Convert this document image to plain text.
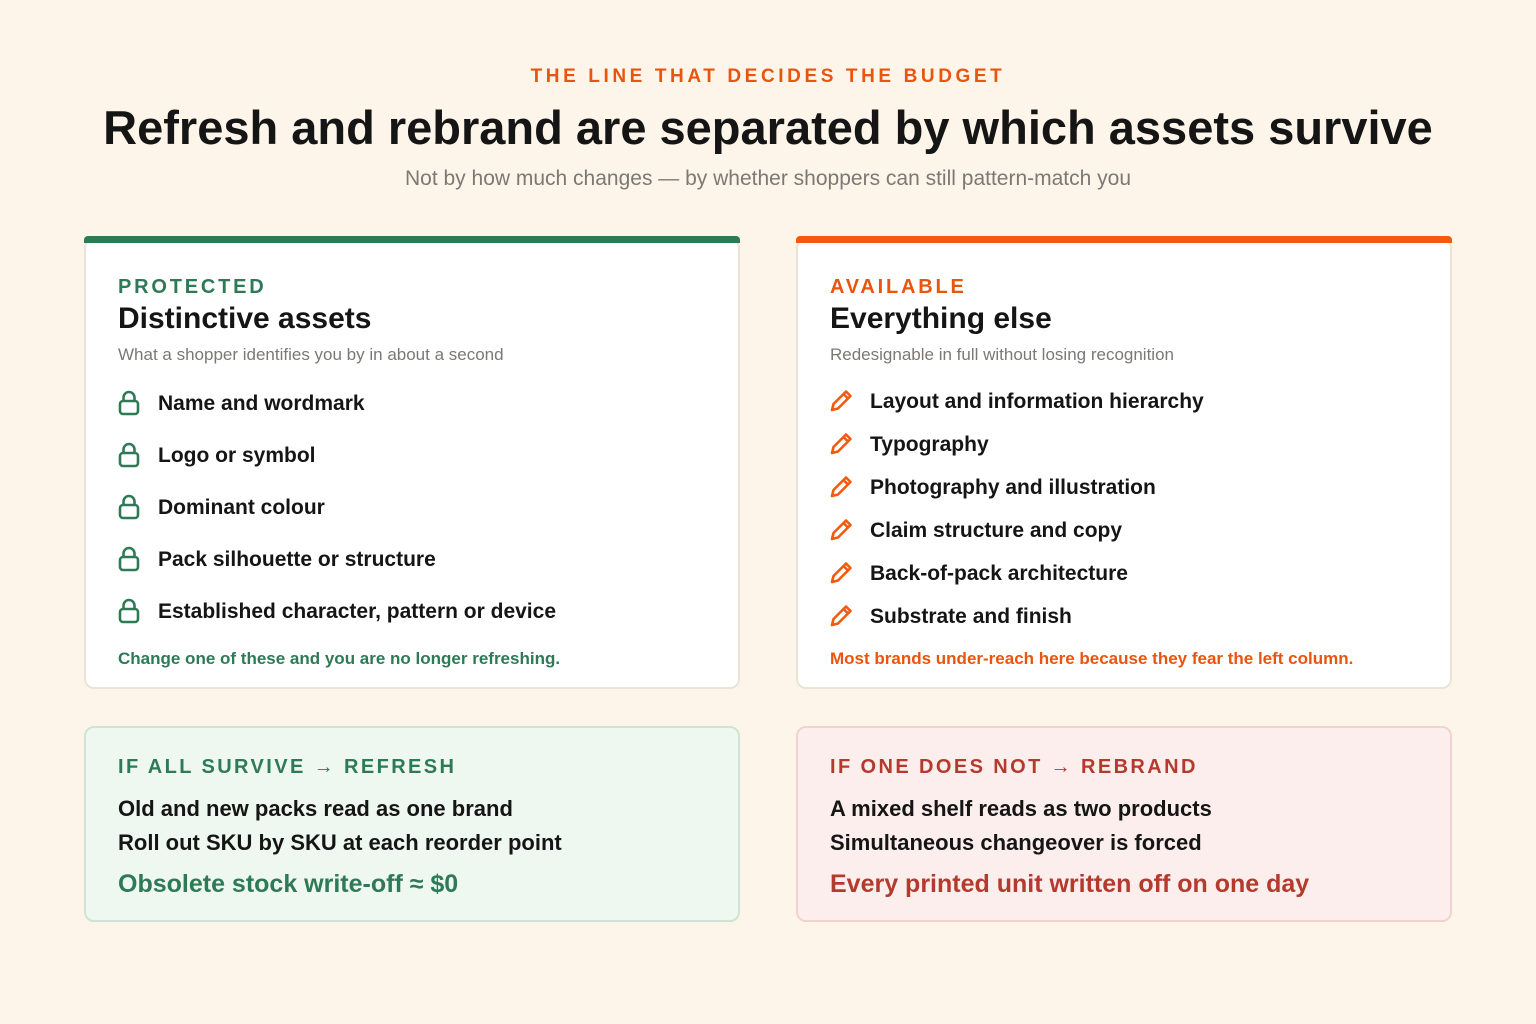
THE LINE THAT DECIDES THE BUDGET
Refresh and rebrand are separated by which assets survive
Not by how much changes — by whether shoppers can still pattern-match you
PROTECTED
Distinctive assets
What a shopper identifies you by in about a second
Name and wordmark
Logo or symbol
Dominant colour
Pack silhouette or structure
Established character, pattern or device
Change one of these and you are no longer refreshing.
AVAILABLE
Everything else
Redesignable in full without losing recognition
Layout and information hierarchy
Typography
Photography and illustration
Claim structure and copy
Back-of-pack architecture
Substrate and finish
Most brands under-reach here because they fear the left column.
IF ALL SURVIVE → REFRESH
Old and new packs read as one brand
Roll out SKU by SKU at each reorder point
Obsolete stock write-off ≈ $0
IF ONE DOES NOT → REBRAND
A mixed shelf reads as two products
Simultaneous changeover is forced
Every printed unit written off on one day
